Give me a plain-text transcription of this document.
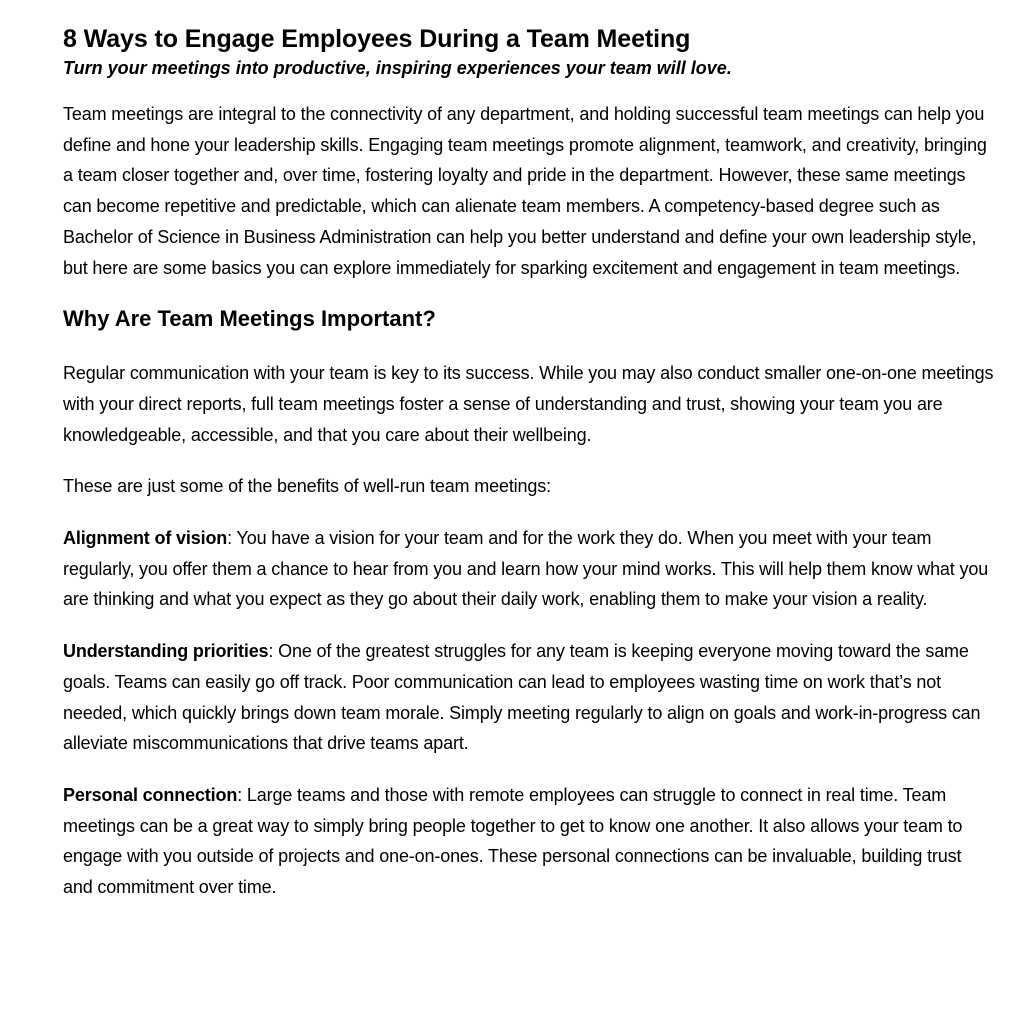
8 Ways to Engage Employees During a Team Meeting

Turn your meetings into productive, inspiring experiences your team will love.

Team meetings are integral to the connectivity of any department, and holding successful team meetings can help you define and hone your leadership skills. Engaging team meetings promote alignment, teamwork, and creativity, bringing a team closer together and, over time, fostering loyalty and pride in the department. However, these same meetings can become repetitive and predictable, which can alienate team members. A competency-based degree such as Bachelor of Science in Business Administration can help you better understand and define your own leadership style, but here are some basics you can explore immediately for sparking excitement and engagement in team meetings.

Why Are Team Meetings Important?

Regular communication with your team is key to its success. While you may also conduct smaller one-on-one meetings with your direct reports, full team meetings foster a sense of understanding and trust, showing your team you are knowledgeable, accessible, and that you care about their wellbeing.

These are just some of the benefits of well-run team meetings:

Alignment of vision: You have a vision for your team and for the work they do. When you meet with your team regularly, you offer them a chance to hear from you and learn how your mind works. This will help them know what you are thinking and what you expect as they go about their daily work, enabling them to make your vision a reality.

Understanding priorities: One of the greatest struggles for any team is keeping everyone moving toward the same goals. Teams can easily go off track. Poor communication can lead to employees wasting time on work that’s not needed, which quickly brings down team morale. Simply meeting regularly to align on goals and work-in-progress can alleviate miscommunications that drive teams apart.

Personal connection: Large teams and those with remote employees can struggle to connect in real time. Team meetings can be a great way to simply bring people together to get to know one another. It also allows your team to engage with you outside of projects and one-on-ones. These personal connections can be invaluable, building trust and commitment over time.
